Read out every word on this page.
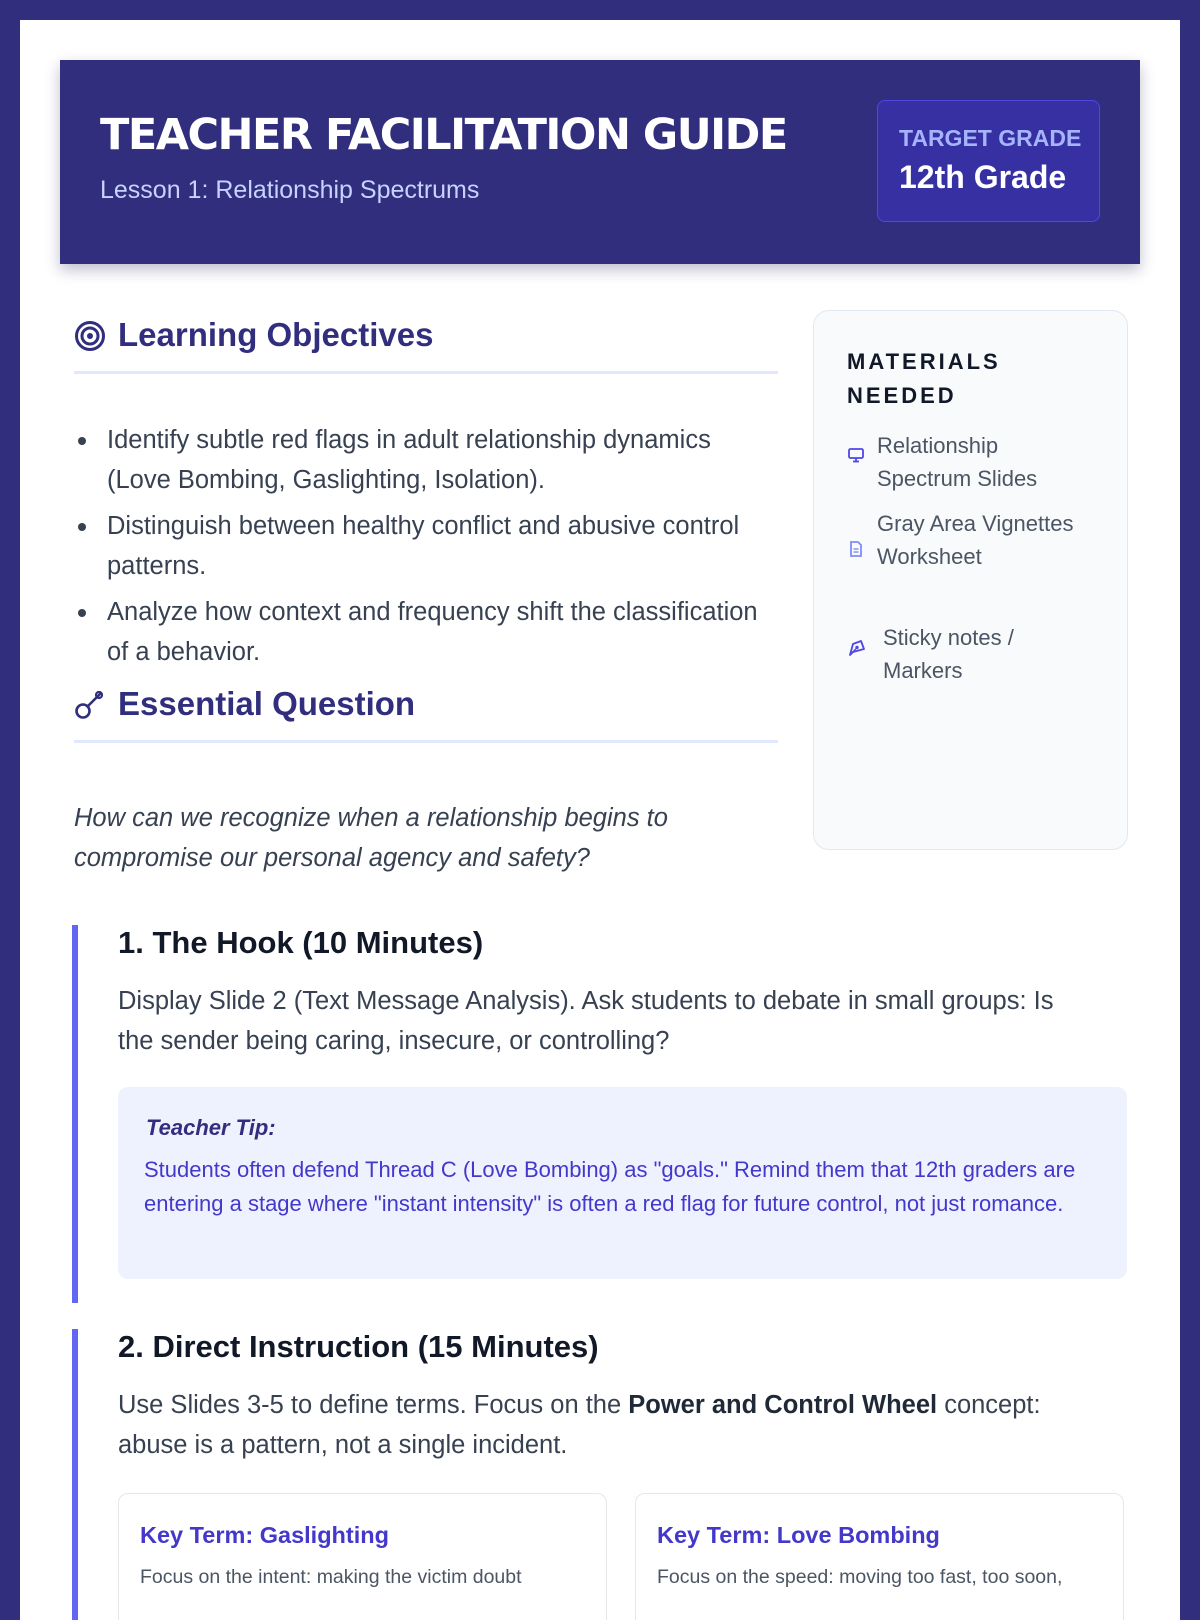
TEACHER FACILITATION GUIDE
Lesson 1: Relationship Spectrums
TARGET GRADE
12th Grade
Learning Objectives
Identify subtle red flags in adult relationship dynamics (Love Bombing, Gaslighting, Isolation).
Distinguish between healthy conflict and abusive control patterns.
Analyze how context and frequency shift the classification of a behavior.
Essential Question
How can we recognize when a relationship begins to compromise our personal agency and safety?
MATERIALS NEEDED
Relationship Spectrum Slides
Gray Area Vignettes Worksheet
Sticky notes / Markers
1. The Hook (10 Minutes)
Display Slide 2 (Text Message Analysis). Ask students to debate in small groups: Is the sender being caring, insecure, or controlling?
Teacher Tip:
Students often defend Thread C (Love Bombing) as "goals." Remind them that 12th graders are entering a stage where "instant intensity" is often a red flag for future control, not just romance.
2. Direct Instruction (15 Minutes)
Use Slides 3-5 to define terms. Focus on the Power and Control Wheel concept: abuse is a pattern, not a single incident.
Key Term: Gaslighting
Focus on the intent: making the victim doubt
Key Term: Love Bombing
Focus on the speed: moving too fast, too soon,
